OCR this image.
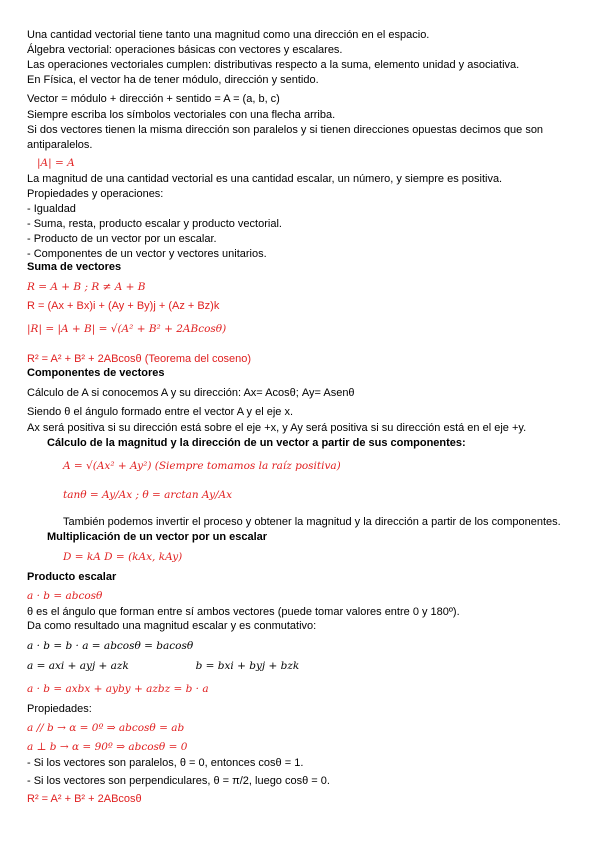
Una cantidad vectorial tiene tanto una magnitud como una dirección en el espacio.
Álgebra vectorial: operaciones básicas con vectores y escalares.
Las operaciones vectoriales cumplen: distributivas respecto a la suma, elemento unidad y asociativa.
En Física, el vector ha de tener módulo, dirección y sentido.
Vector = módulo + dirección + sentido = A = (a, b, c)
Siempre escriba los símbolos vectoriales con una flecha arriba.
Si dos vectores tienen la misma dirección son paralelos y si tienen direcciones opuestas decimos que son
antiparalelos.
|A| = A
La magnitud de una cantidad vectorial es una cantidad escalar, un número, y siempre es positiva.
Propiedades y operaciones:
- Igualdad
- Suma, resta, producto escalar y producto vectorial.
- Producto de un vector por un escalar.
- Componentes de un vector y vectores unitarios.
Suma de vectores
R = A + B ; R ≠ A + B
R = (Ax + Bx)i + (Ay + By)j + (Az + Bz)k
|R| = |A + B| = √(A² + B² + 2ABcosθ)
R² = A² + B² + 2ABcosθ (Teorema del coseno)
Componentes de vectores
Cálculo de A si conocemos A y su dirección: Ax= Acosθ; Ay= Asenθ
Siendo θ el ángulo formado entre el vector A y el eje x.
Ax será positiva si su dirección está sobre el eje +x, y Ay será positiva si su dirección está en el eje +y.
Cálculo de la magnitud y la dirección de un vector a partir de sus componentes:
A = √(Ax² + Ay²) (Siempre tomamos la raíz positiva)
tanθ = Ay/Ax ; θ = arctan Ay/Ax
También podemos invertir el proceso y obtener la magnitud y la dirección a partir de los componentes.
Multiplicación de un vector por un escalar
D = kA D = (kAx, kAy)
Producto escalar
a · b = abcosθ
θ es el ángulo que forman entre sí ambos vectores (puede tomar valores entre 0 y 180º).
Da como resultado una magnitud escalar y es conmutativo:
a · b = b · a = abcosθ = bacosθ
a = axi + ayj + azk                    b = bxi + byj + bzk
a · b = axbx + ayby + azbz = b · a
Propiedades:
a // b → α = 0º ⇒ abcosθ = ab
a ⊥ b → α = 90º ⇒ abcosθ = 0
- Si los vectores son paralelos, θ = 0, entonces cosθ = 1.
- Si los vectores son perpendiculares, θ = π/2, luego cosθ = 0.
R² = A² + B² + 2ABcosθ
